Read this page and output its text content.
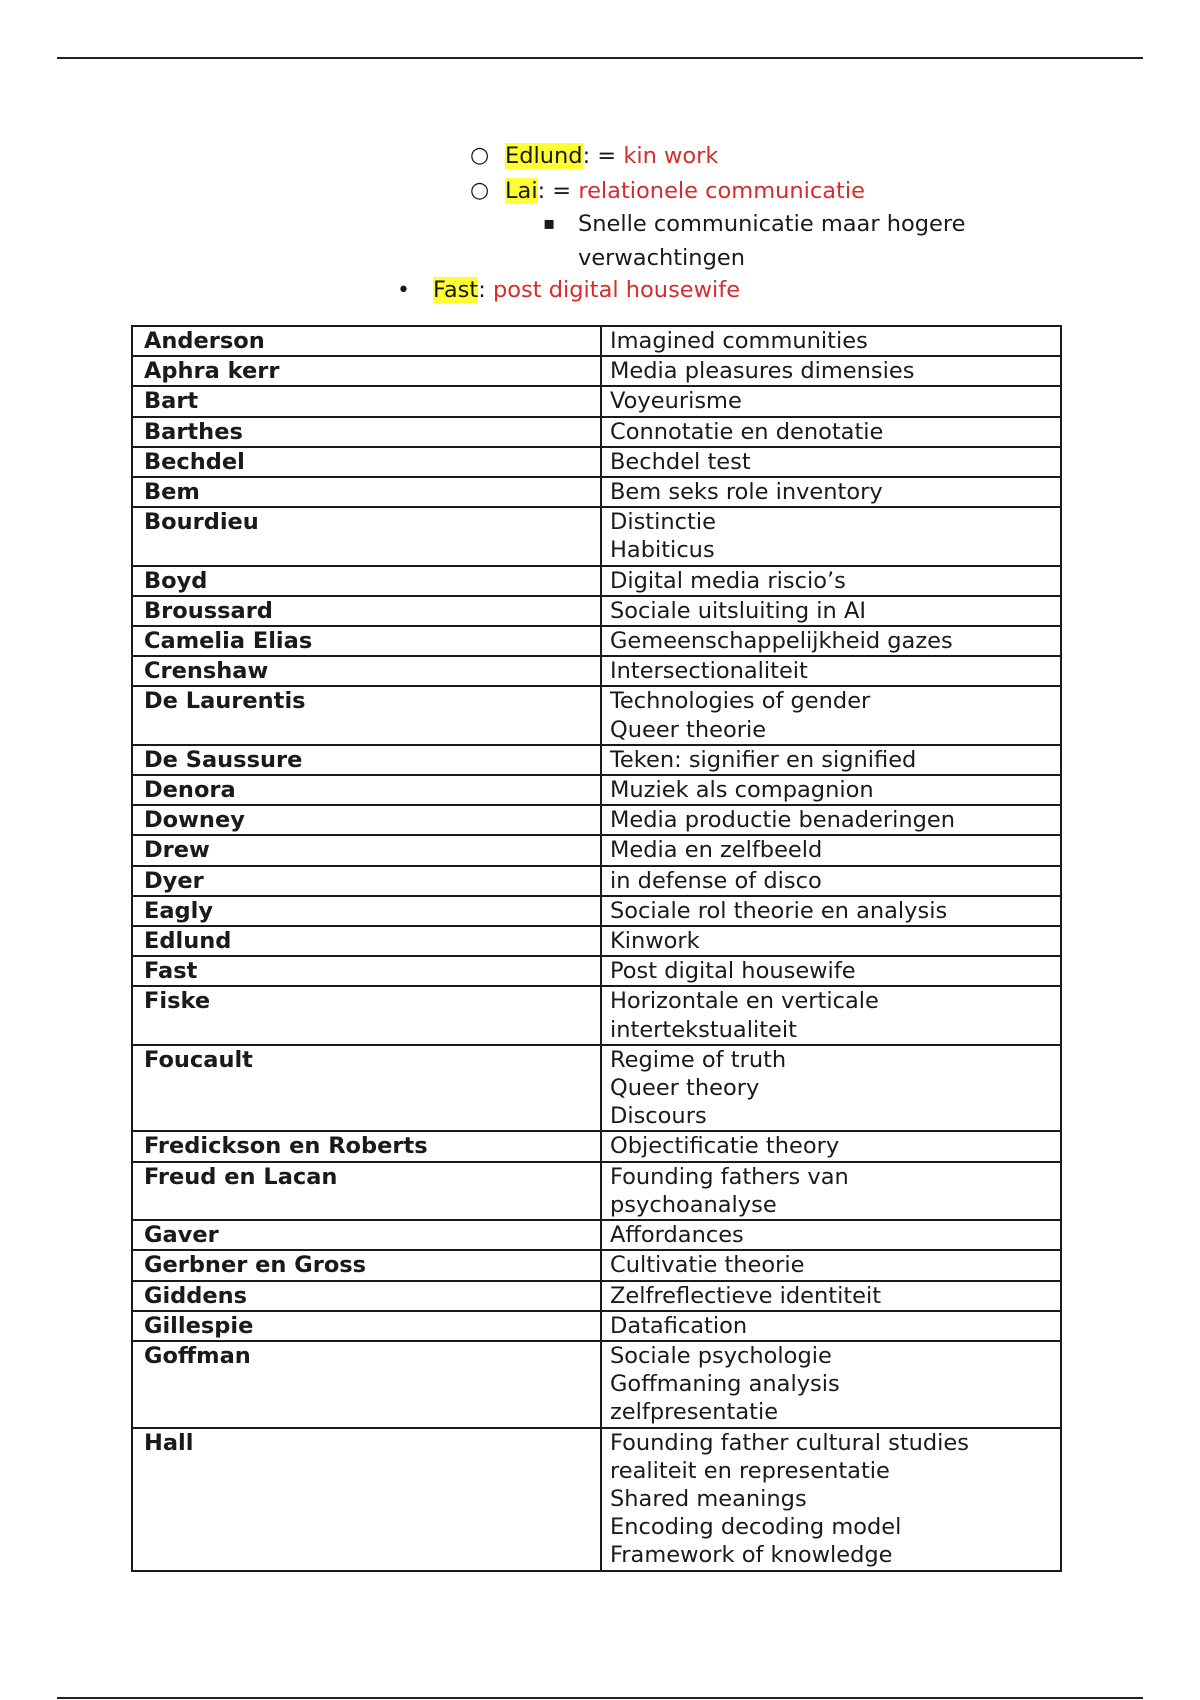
○ Edlund: = kin work
○ Lai: = relationele communicatie
▪ Snelle communicatie maar hogere
verwachtingen
• Fast: post digital housewife
Anderson	Imagined communities
Aphra kerr	Media pleasures dimensies
Bart	Voyeurisme
Barthes	Connotatie en denotatie
Bechdel	Bechdel test
Bem	Bem seks role inventory
Bourdieu	Distinctie
Habiticus
Boyd	Digital media riscio’s
Broussard	Sociale uitsluiting in AI
Camelia Elias	Gemeenschappelijkheid gazes
Crenshaw	Intersectionaliteit
De Laurentis	Technologies of gender
Queer theorie
De Saussure	Teken: signifier en signified
Denora	Muziek als compagnion
Downey	Media productie benaderingen
Drew	Media en zelfbeeld
Dyer	in defense of disco
Eagly	Sociale rol theorie en analysis
Edlund	Kinwork
Fast	Post digital housewife
Fiske	Horizontale en verticale
intertekstualiteit
Foucault	Regime of truth
Queer theory
Discours
Fredickson en Roberts	Objectificatie theory
Freud en Lacan	Founding fathers van
psychoanalyse
Gaver	Affordances
Gerbner en Gross	Cultivatie theorie
Giddens	Zelfreflectieve identiteit
Gillespie	Datafication
Goffman	Sociale psychologie
Goffmaning analysis
zelfpresentatie
Hall	Founding father cultural studies
realiteit en representatie
Shared meanings
Encoding decoding model
Framework of knowledge
